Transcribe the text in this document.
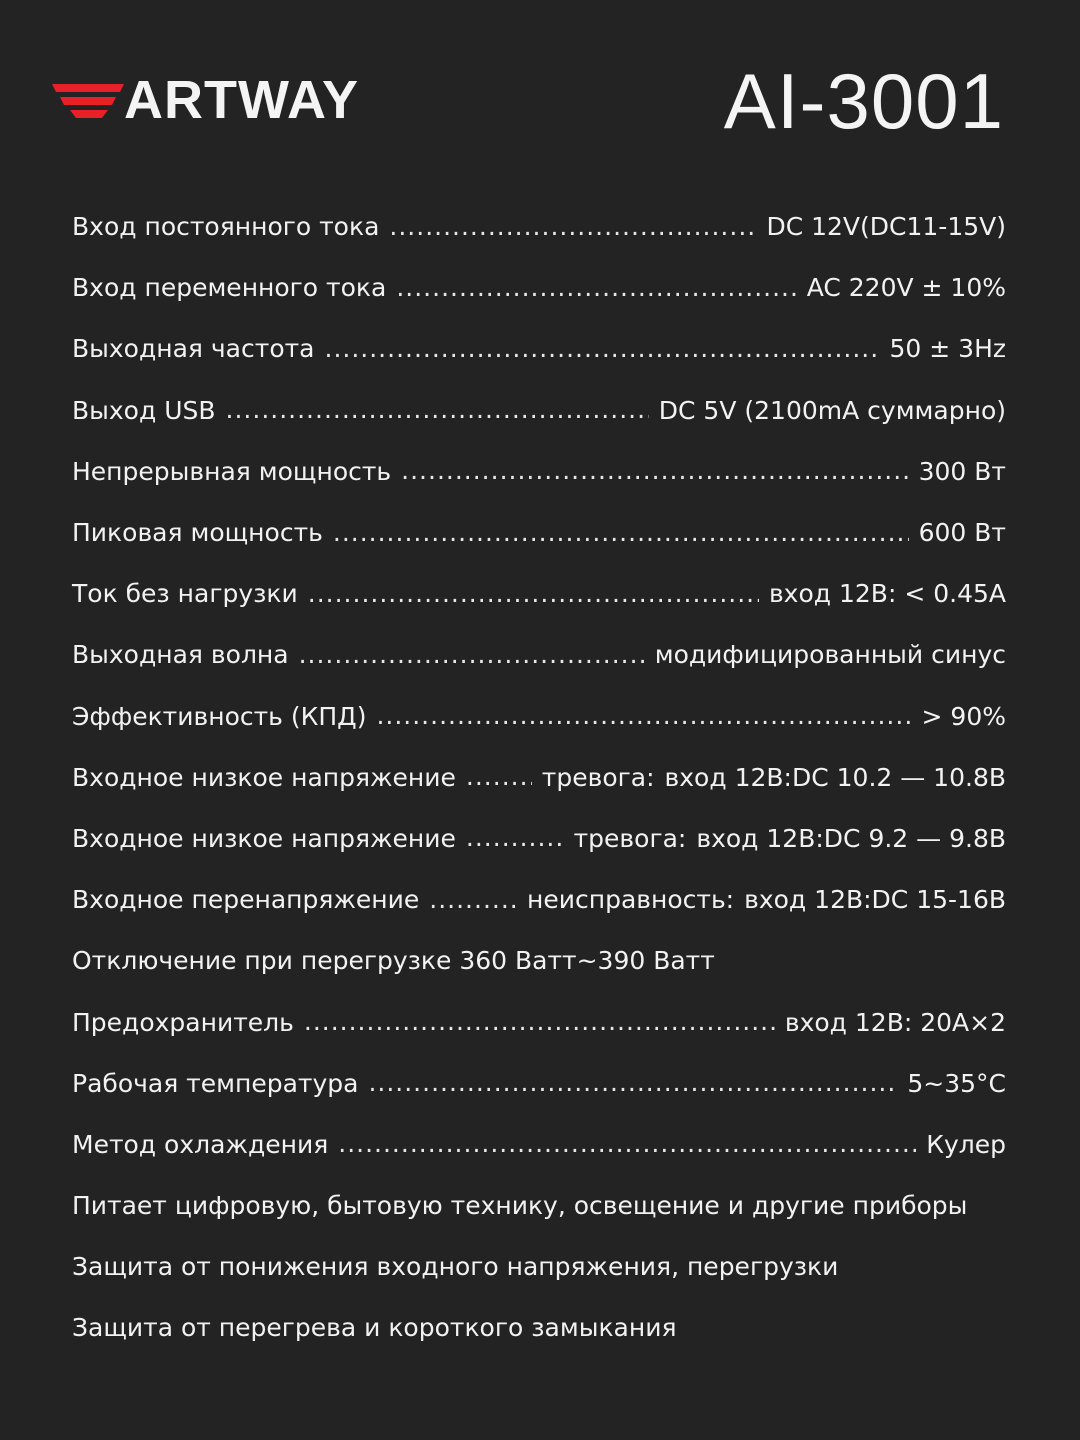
ARTWAY	AI-3001
Вход постоянного тока .....	DC 12V(DC11-15V)
Вход переменного тока .....	AC 220V ± 10%
Выходная частота .....	50 ± 3Hz
Выход USB .....	DC 5V (2100mA суммарно)
Непрерывная мощность .....	300 Вт
Пиковая мощность .....	600 Вт
Ток без нагрузки .....	вход 12В: < 0.45A
Выходная волна .....	модифицированный синус
Эффективность (КПД) .....	> 90%
Входное низкое напряжение .....	тревога: вход 12В:DC 10.2 — 10.8В
Входное низкое напряжение .....	тревога: вход 12В:DC 9.2 — 9.8В
Входное перенапряжение .....	неисправность: вход 12В:DC 15-16В
Отключение при перегрузке 360 Ватт~390 Ватт
Предохранитель .....	вход 12В: 20A×2
Рабочая температура .....	5~35°C
Метод охлаждения .....	Кулер
Питает цифровую, бытовую технику, освещение и другие приборы
Защита от понижения входного напряжения, перегрузки
Защита от перегрева и короткого замыкания
